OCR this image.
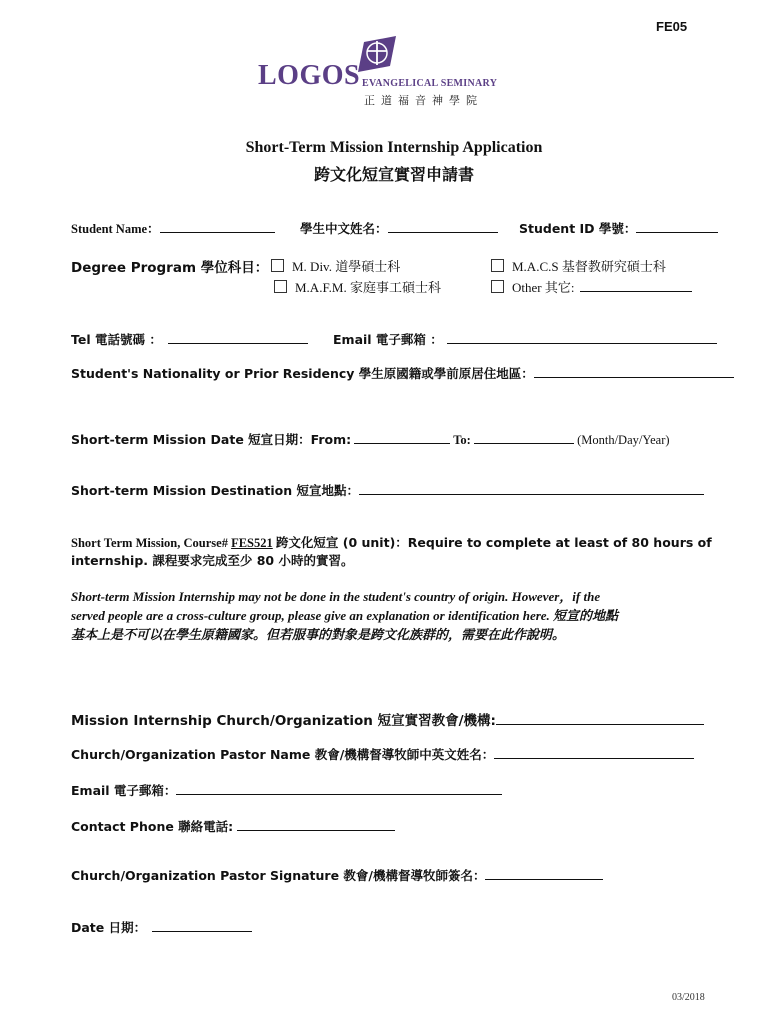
FE05
LOGOS EVANGELICAL SEMINARY
正道福音神學院
Short-Term Mission Internship Application
跨文化短宣實習申請書
Student Name：	學生中文姓名：	Student ID 學號：
Degree Program 學位科目：	M. Div. 道學碩士科	M.A.C.S 基督教研究碩士科
M.A.F.M. 家庭事工碩士科	Other 其它:
Tel 電話號碼 ：	Email 電子郵箱 ：
Student's Nationality or Prior Residency 學生原國籍或學前原居住地區：
Short-term Mission Date 短宣日期：From:	To:	(Month/Day/Year)
Short-term Mission Destination 短宣地點：
Short Term Mission, Course# FES521 跨文化短宣 (0 unit)：Require to complete at least of 80 hours of
internship. 課程要求完成至少 80 小時的實習。
Short-term Mission Internship may not be done in the student's country of origin. However，if the
served people are a cross-culture group, please give an explanation or identification here. 短宣的地點
基本上是不可以在學生原籍國家。但若服事的對象是跨文化族群的，需要在此作說明。
Mission Internship Church/Organization 短宣實習教會/機構:
Church/Organization Pastor Name 教會/機構督導牧師中英文姓名：
Email 電子郵箱：
Contact Phone 聯絡電話:
Church/Organization Pastor Signature 教會/機構督導牧師簽名：
Date 日期：
03/2018
